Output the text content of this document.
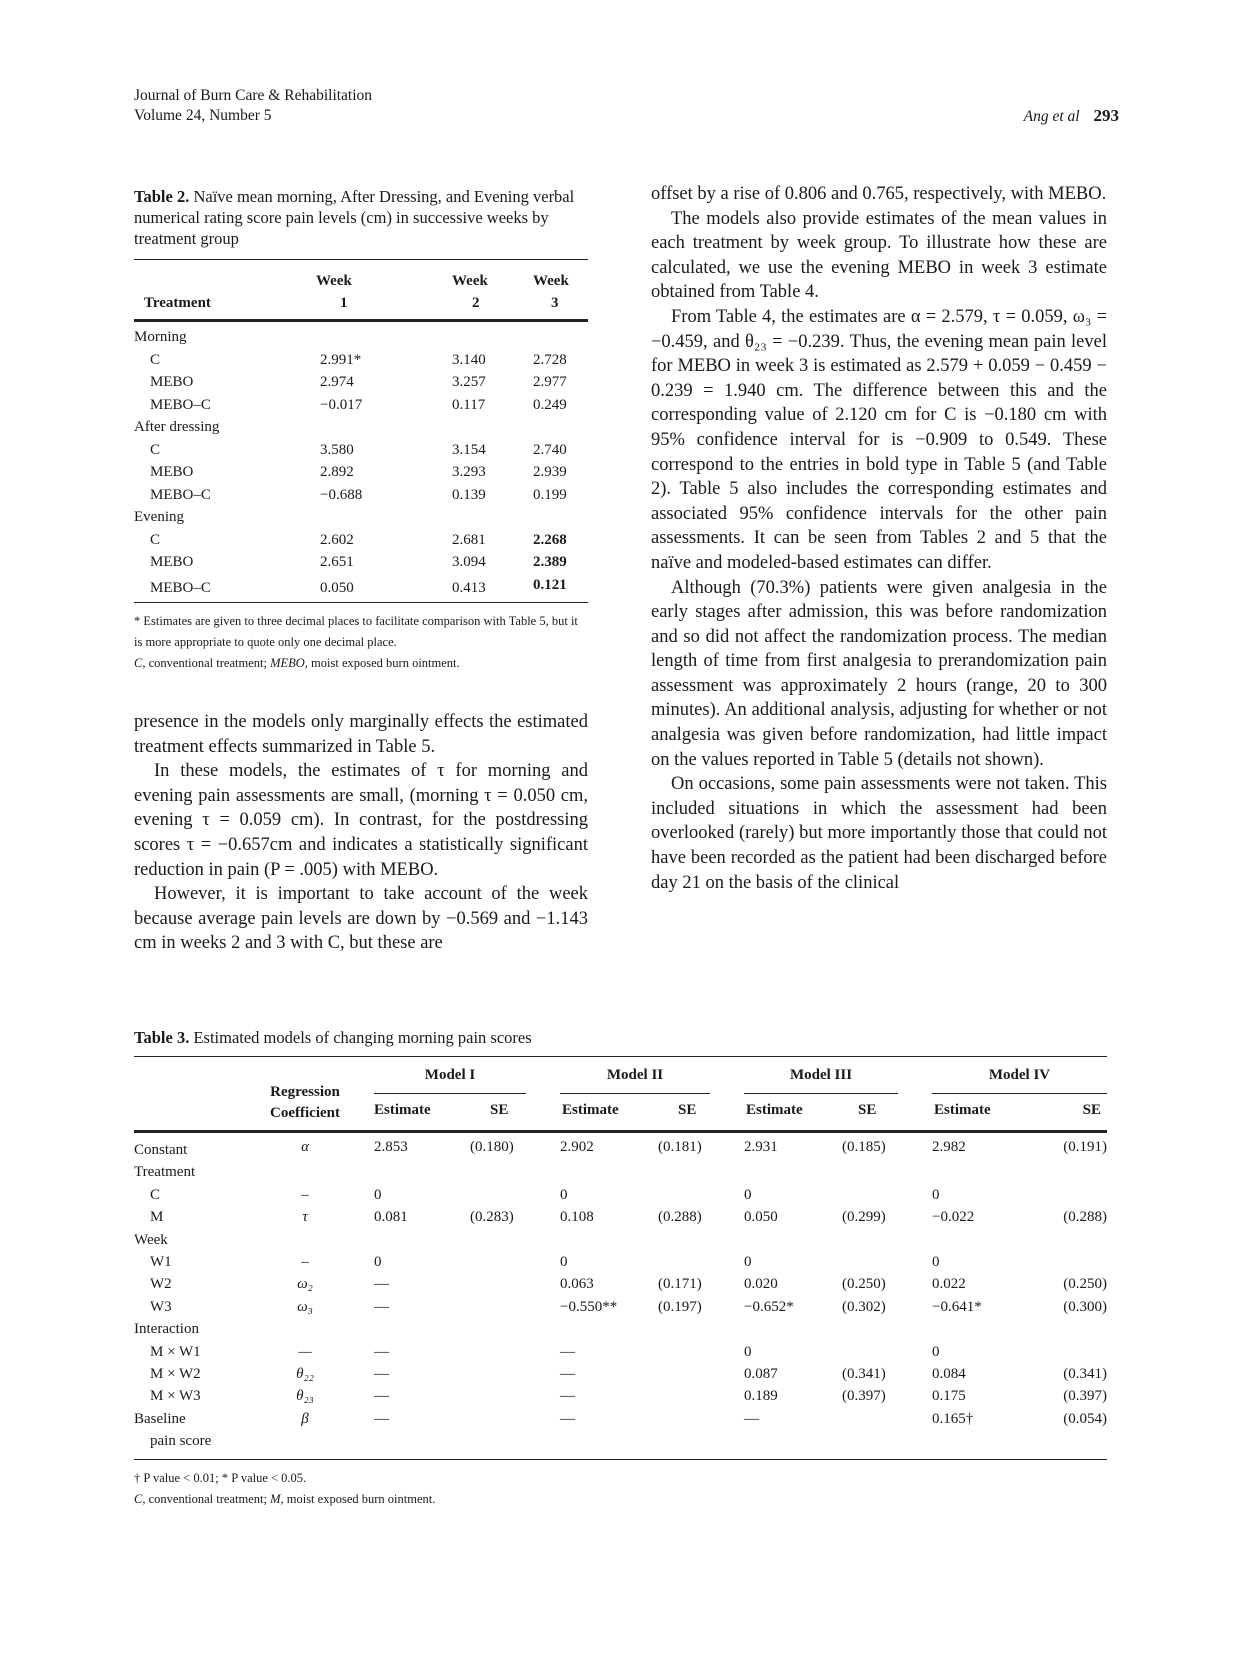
Journal of Burn Care & Rehabilitation
Volume 24, Number 5	Ang et al 293
Table 2. Naïve mean morning, After Dressing, and Evening verbal numerical rating score pain levels (cm) in successive weeks by treatment group
	Week	Week	Week
Treatment	1	2	3
Morning			
C	2.991*	3.140	2.728
MEBO	2.974	3.257	2.977
MEBO–C	−0.017	0.117	0.249
After dressing			
C	3.580	3.154	2.740
MEBO	2.892	3.293	2.939
MEBO–C	−0.688	0.139	0.199
Evening			
C	2.602	2.681	2.268
MEBO	2.651	3.094	2.389
MEBO–C	0.050	0.413	0.121
* Estimates are given to three decimal places to facilitate comparison with Table 5, but it is more appropriate to quote only one decimal place.
C, conventional treatment; MEBO, moist exposed burn ointment.

presence in the models only marginally effects the estimated treatment effects summarized in Table 5.

In these models, the estimates of τ for morning and evening pain assessments are small, (morning τ = 0.050 cm, evening τ = 0.059 cm). In contrast, for the postdressing scores τ = −0.657cm and indicates a statistically significant reduction in pain (P = .005) with MEBO.

However, it is important to take account of the week because average pain levels are down by −0.569 and −1.143 cm in weeks 2 and 3 with C, but these are

offset by a rise of 0.806 and 0.765, respectively, with MEBO.

The models also provide estimates of the mean values in each treatment by week group. To illustrate how these are calculated, we use the evening MEBO in week 3 estimate obtained from Table 4.

From Table 4, the estimates are α = 2.579, τ = 0.059, ω₃ = −0.459, and θ₂₃ = −0.239. Thus, the evening mean pain level for MEBO in week 3 is estimated as 2.579 + 0.059 − 0.459 − 0.239 = 1.940 cm. The difference between this and the corresponding value of 2.120 cm for C is −0.180 cm with 95% confidence interval for is −0.909 to 0.549. These correspond to the entries in bold type in Table 5 (and Table 2). Table 5 also includes the corresponding estimates and associated 95% confidence intervals for the other pain assessments. It can be seen from Tables 2 and 5 that the naïve and modeled-based estimates can differ.

Although (70.3%) patients were given analgesia in the early stages after admission, this was before randomization and so did not affect the randomization process. The median length of time from first analgesia to prerandomization pain assessment was approximately 2 hours (range, 20 to 300 minutes). An additional analysis, adjusting for whether or not analgesia was given before randomization, had little impact on the values reported in Table 5 (details not shown).

On occasions, some pain assessments were not taken. This included situations in which the assessment had been overlooked (rarely) but more importantly those that could not have been recorded as the patient had been discharged before day 21 on the basis of the clinical

Table 3. Estimated models of changing morning pain scores
	Regression
Coefficient	Model I		Model II		Model III		Model IV	

		Estimate	SE	Estimate	SE	Estimate	SE	Estimate	SE
Constant	α	2.853	(0.180)	2.902	(0.181)	2.931	(0.185)	2.982	(0.191)
Treatment									
C	–	0		0		0		0	
M	τ	0.081	(0.283)	0.108	(0.288)	0.050	(0.299)	−0.022	(0.288)
Week									
W1	–	0		0		0		0	
W2	ω₂	—		0.063	(0.171)	0.020	(0.250)	0.022	(0.250)
W3	ω₃	—		−0.550**	(0.197)	−0.652*	(0.302)	−0.641*	(0.300)
Interaction									
M × W1	—	—		—		0		0	
M × W2	θ₂₂	—		—		0.087	(0.341)	0.084	(0.341)
M × W3	θ₂₃	—		—		0.189	(0.397)	0.175	(0.397)
Baseline	β	—		—		—		0.165†	(0.054)
pain score									
† P value < 0.01; * P value < 0.05.
C, conventional treatment; M, moist exposed burn ointment.
